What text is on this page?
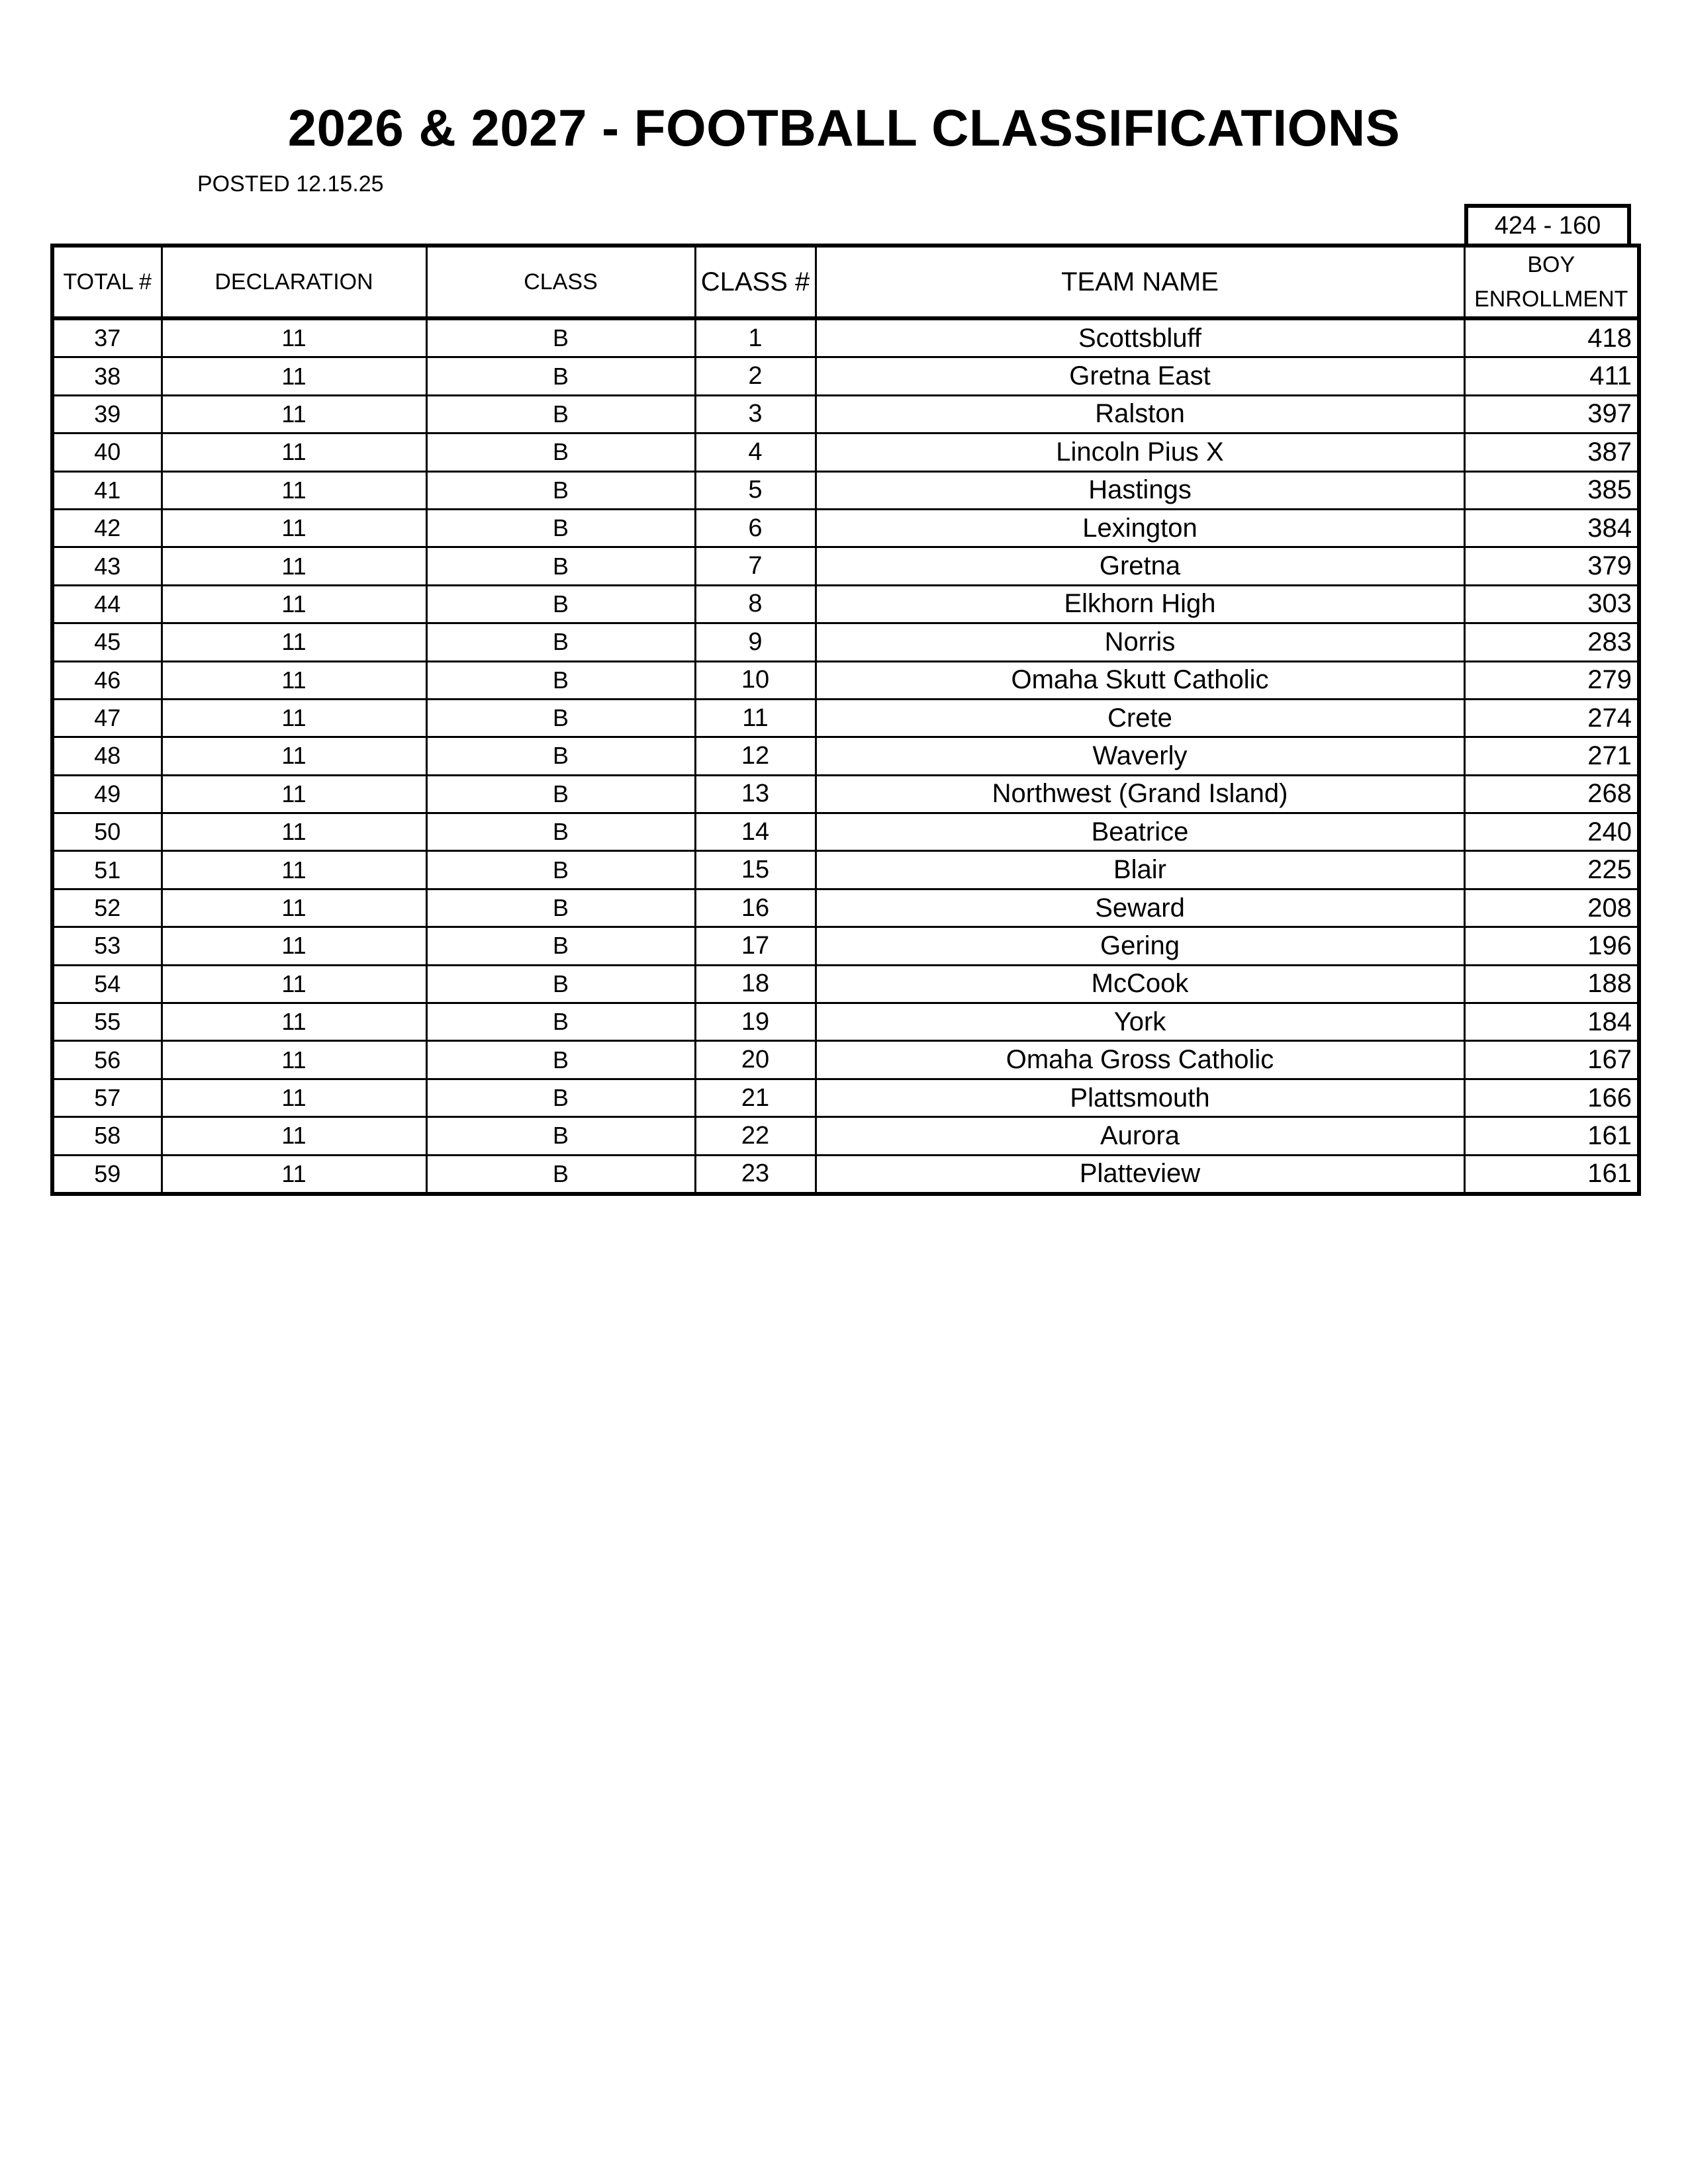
2026 & 2027 - FOOTBALL CLASSIFICATIONS
POSTED 12.15.25
424 - 160
TOTAL #	DECLARATION	CLASS	CLASS #	TEAM NAME	BOY
ENROLLMENT
37	11	B	1	Scottsbluff	418
38	11	B	2	Gretna East	411
39	11	B	3	Ralston	397
40	11	B	4	Lincoln Pius X	387
41	11	B	5	Hastings	385
42	11	B	6	Lexington	384
43	11	B	7	Gretna	379
44	11	B	8	Elkhorn High	303
45	11	B	9	Norris	283
46	11	B	10	Omaha Skutt Catholic	279
47	11	B	11	Crete	274
48	11	B	12	Waverly	271
49	11	B	13	Northwest (Grand Island)	268
50	11	B	14	Beatrice	240
51	11	B	15	Blair	225
52	11	B	16	Seward	208
53	11	B	17	Gering	196
54	11	B	18	McCook	188
55	11	B	19	York	184
56	11	B	20	Omaha Gross Catholic	167
57	11	B	21	Plattsmouth	166
58	11	B	22	Aurora	161
59	11	B	23	Platteview	161
